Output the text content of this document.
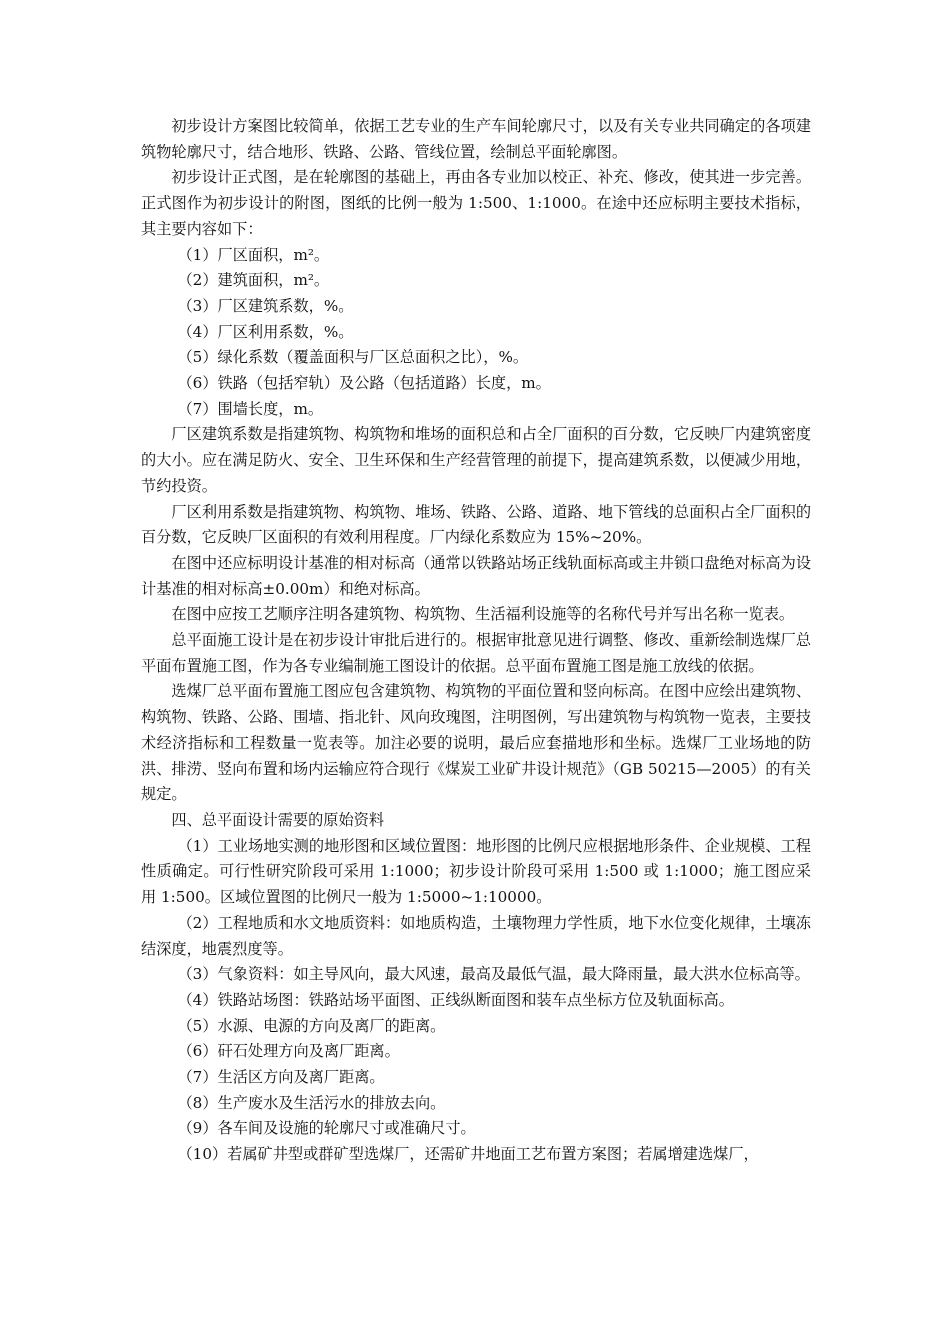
初步设计方案图比较简单，依据工艺专业的生产车间轮廓尺寸，以及有关专业共同确定的各项建筑物轮廓尺寸，结合地形、铁路、公路、管线位置，绘制总平面轮廓图。

初步设计正式图，是在轮廓图的基础上，再由各专业加以校正、补充、修改，使其进一步完善。正式图作为初步设计的附图，图纸的比例一般为 1:500、1:1000。在途中还应标明主要技术指标，其主要内容如下：

（1）厂区面积，m²。

（2）建筑面积，m²。

（3）厂区建筑系数，%。

（4）厂区利用系数，%。

（5）绿化系数（覆盖面积与厂区总面积之比），%。

（6）铁路（包括窄轨）及公路（包括道路）长度，m。

（7）围墙长度，m。

厂区建筑系数是指建筑物、构筑物和堆场的面积总和占全厂面积的百分数，它反映厂内建筑密度的大小。应在满足防火、安全、卫生环保和生产经营管理的前提下，提高建筑系数，以便减少用地，节约投资。

厂区利用系数是指建筑物、构筑物、堆场、铁路、公路、道路、地下管线的总面积占全厂面积的百分数，它反映厂区面积的有效利用程度。厂内绿化系数应为 15%~20%。

在图中还应标明设计基准的相对标高（通常以铁路站场正线轨面标高或主井锁口盘绝对标高为设计基准的相对标高±0.00m）和绝对标高。

在图中应按工艺顺序注明各建筑物、构筑物、生活福利设施等的名称代号并写出名称一览表。

总平面施工设计是在初步设计审批后进行的。根据审批意见进行调整、修改、重新绘制选煤厂总平面布置施工图，作为各专业编制施工图设计的依据。总平面布置施工图是施工放线的依据。

选煤厂总平面布置施工图应包含建筑物、构筑物的平面位置和竖向标高。在图中应绘出建筑物、构筑物、铁路、公路、围墙、指北针、风向玫瑰图，注明图例，写出建筑物与构筑物一览表，主要技术经济指标和工程数量一览表等。加注必要的说明，最后应套描地形和坐标。选煤厂工业场地的防洪、排涝、竖向布置和场内运输应符合现行《煤炭工业矿井设计规范》（GB 50215—2005）的有关规定。

四、总平面设计需要的原始资料

（1）工业场地实测的地形图和区域位置图：地形图的比例尺应根据地形条件、企业规模、工程性质确定。可行性研究阶段可采用 1:1000；初步设计阶段可采用 1:500 或 1:1000；施工图应采用 1:500。区域位置图的比例尺一般为 1:5000~1:10000。

（2）工程地质和水文地质资料：如地质构造，土壤物理力学性质，地下水位变化规律，土壤冻结深度，地震烈度等。

（3）气象资料：如主导风向，最大风速，最高及最低气温，最大降雨量，最大洪水位标高等。

（4）铁路站场图：铁路站场平面图、正线纵断面图和装车点坐标方位及轨面标高。

（5）水源、电源的方向及离厂的距离。

（6）矸石处理方向及离厂距离。

（7）生活区方向及离厂距离。

（8）生产废水及生活污水的排放去向。

（9）各车间及设施的轮廓尺寸或准确尺寸。

（10）若属矿井型或群矿型选煤厂，还需矿井地面工艺布置方案图；若属增建选煤厂，
